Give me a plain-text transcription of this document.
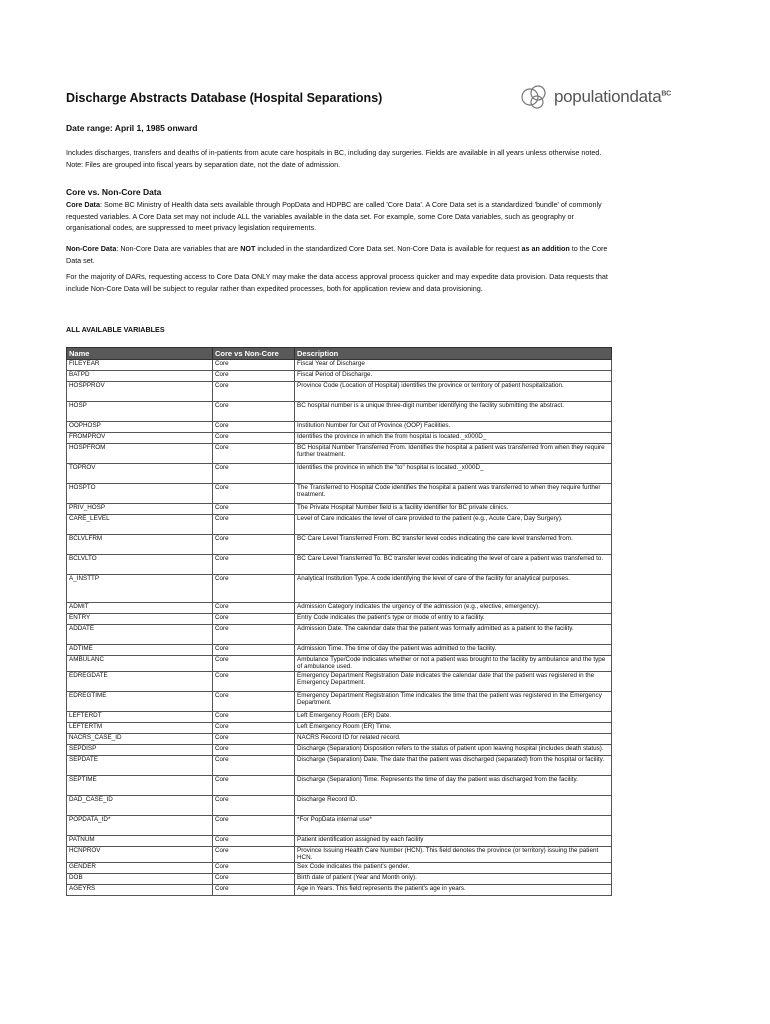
Discharge Abstracts Database (Hospital Separations)	populationdata$^{BC}$
Date range: April 1, 1985 onward
Includes discharges, transfers and deaths of in-patients from acute care hospitals in BC, including day surgeries. Fields are available in all years unless otherwise noted. Note: Files are grouped into fiscal years by separation date, not the date of admission.
Core vs. Non-Core Data
Core Data: Some BC Ministry of Health data sets available through PopData and HDPBC are called 'Core Data'. A Core Data set is a standardized 'bundle' of commonly requested variables. A Core Data set may not include ALL the variables available in the data set. For example, some Core Data variables, such as geography or organisational codes, are suppressed to meet privacy legislation requirements.
Non-Core Data: Non-Core Data are variables that are NOT included in the standardized Core Data set. Non-Core Data is available for request as an addition to the Core Data set.
For the majority of DARs, requesting access to Core Data ONLY may make the data access approval process quicker and may expedite data provision. Data requests that include Non-Core Data will be subject to regular rather than expedited processes, both for application review and data provisioning.
ALL AVAILABLE VARIABLES
Name	Core vs Non-Core	Description
FILEYEAR	Core	Fiscal Year of Discharge
BATPD	Core	Fiscal Period of Discharge.
HOSPPROV	Core	Province Code (Location of Hospital) identifies the province or territory of patient hospitalization.
HOSP	Core	BC hospital number is a unique three-digit number identifying the facility submitting the abstract.
OOPHOSP	Core	Institution Number for Out of Province (OOP) Facilities.
FROMPROV	Core	Identifies the province in which the from hospital is located._x000D_
HOSPFROM	Core	BC Hospital Number Transferred From. Identifies the hospital a patient was transferred from when they require further treatment.
TOPROV	Core	Identifies the province in which the "to" hospital is located._x000D_
HOSPTO	Core	The Transferred to Hospital Code identifies the hospital a patient was transferred to when they require further treatment.
PRIV_HOSP	Core	The Private Hospital Number field is a facility identifier for BC private clinics.
CARE_LEVEL	Core	Level of Care indicates the level of care provided to the patient (e.g., Acute Care, Day Surgery).
BCLVLFRM	Core	BC Care Level Transferred From. BC transfer level codes indicating the care level transferred from.
BCLVLTO	Core	BC Care Level Transferred To. BC transfer level codes indicating the level of care a patient was transferred to.
A_INSTTP	Core	Analytical Institution Type. A code identifying the level of care of the facility for analytical purposes.
ADMIT	Core	Admission Category indicates the urgency of the admission (e.g., elective, emergency).
ENTRY	Core	Entry Code indicates the patient's type or mode of entry to a facility.
ADDATE	Core	Admission Date. The calendar date that the patient was formally admitted as a patient to the facility.
ADTIME	Core	Admission Time. The time of day the patient was admitted to the facility.
AMBULANC	Core	Ambulance Type/Code indicates whether or not a patient was brought to the facility by ambulance and the type of ambulance used.
EDREGDATE	Core	Emergency Department Registration Date indicates the calendar date that the patient was registered in the Emergency Department.
EDREGTIME	Core	Emergency Department Registration Time indicates the time that the patient was registered in the Emergency Department.
LEFTERDT	Core	Left Emergency Room (ER) Date.
LEFTERTM	Core	Left Emergency Room (ER) Time.
NACRS_CASE_ID	Core	NACRS Record ID for related record.
SEPDISP	Core	Discharge (Separation) Disposition refers to the status of patient upon leaving hospital (includes death status).
SEPDATE	Core	Discharge (Separation) Date. The date that the patient was discharged (separated) from the hospital or facility.
SEPTIME	Core	Discharge (Separation) Time. Represents the time of day the patient was discharged from the facility.
DAD_CASE_ID	Core	Discharge Record ID.
POPDATA_ID*	Core	*For PopData internal use*
PATNUM	Core	Patient identification assigned by each facility
HCNPROV	Core	Province Issuing Health Care Number (HCN). This field denotes the province (or territory) issuing the patient HCN.
GENDER	Core	Sex Code indicates the patient's gender.
DOB	Core	Birth date of patient (Year and Month only).
AGEYRS	Core	Age in Years. This field represents the patient's age in years.
